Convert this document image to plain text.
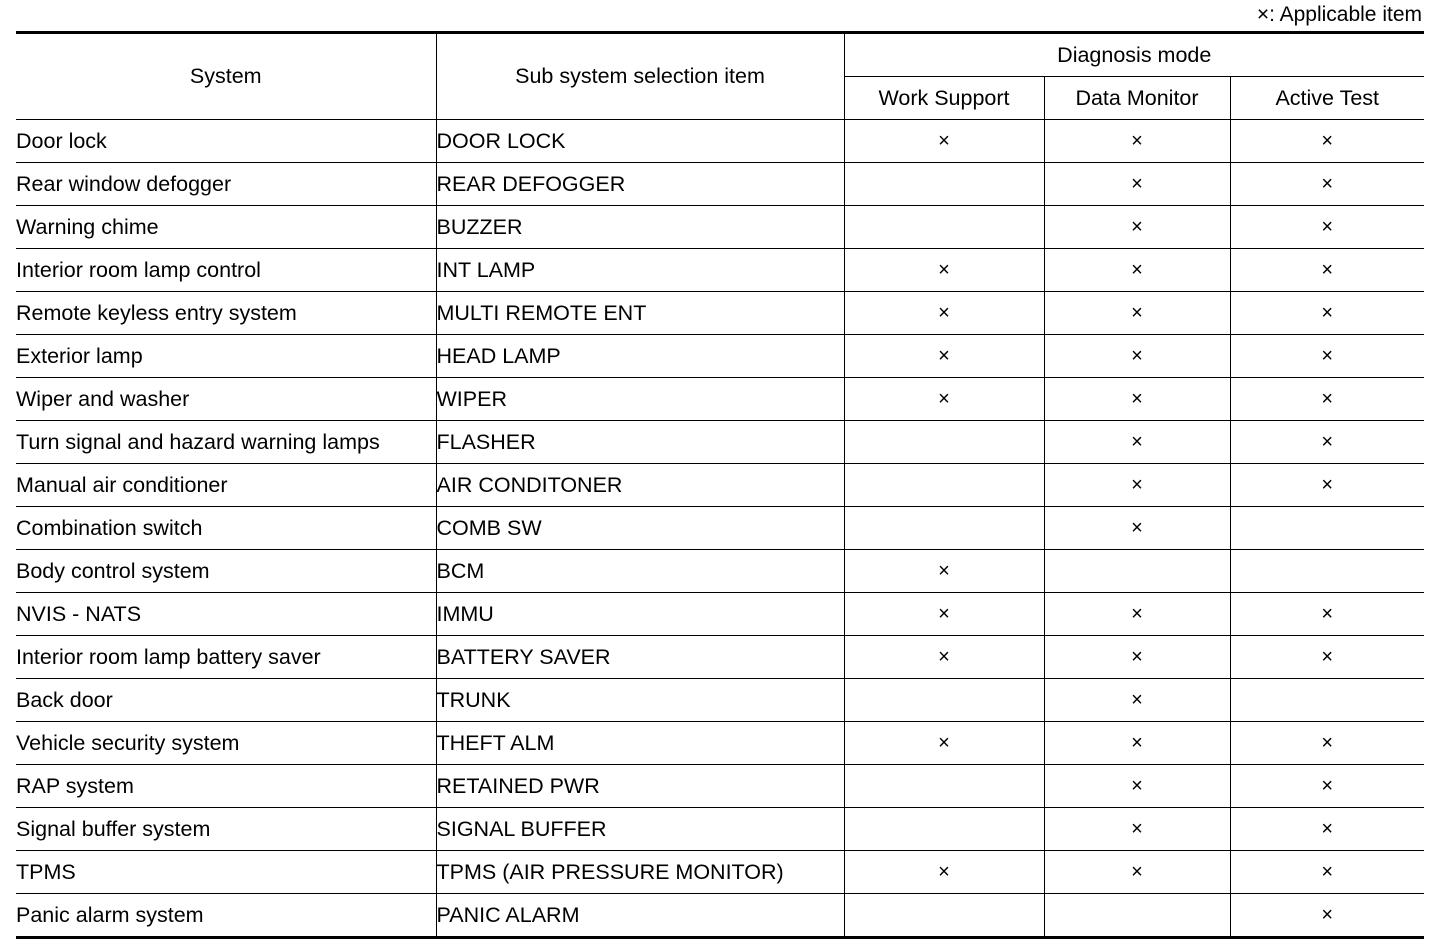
×: Applicable item
System	Sub system selection item	Diagnosis mode		
		Work Support	Data Monitor	Active Test
Door lock	DOOR LOCK	×	×	×
Rear window defogger	REAR DEFOGGER		×	×
Warning chime	BUZZER		×	×
Interior room lamp control	INT LAMP	×	×	×
Remote keyless entry system	MULTI REMOTE ENT	×	×	×
Exterior lamp	HEAD LAMP	×	×	×
Wiper and washer	WIPER	×	×	×
Turn signal and hazard warning lamps	FLASHER		×	×
Manual air conditioner	AIR CONDITONER		×	×
Combination switch	COMB SW		×	
Body control system	BCM	×		
NVIS - NATS	IMMU	×	×	×
Interior room lamp battery saver	BATTERY SAVER	×	×	×
Back door	TRUNK		×	
Vehicle security system	THEFT ALM	×	×	×
RAP system	RETAINED PWR		×	×
Signal buffer system	SIGNAL BUFFER		×	×
TPMS	TPMS (AIR PRESSURE MONITOR)	×	×	×
Panic alarm system	PANIC ALARM			×
